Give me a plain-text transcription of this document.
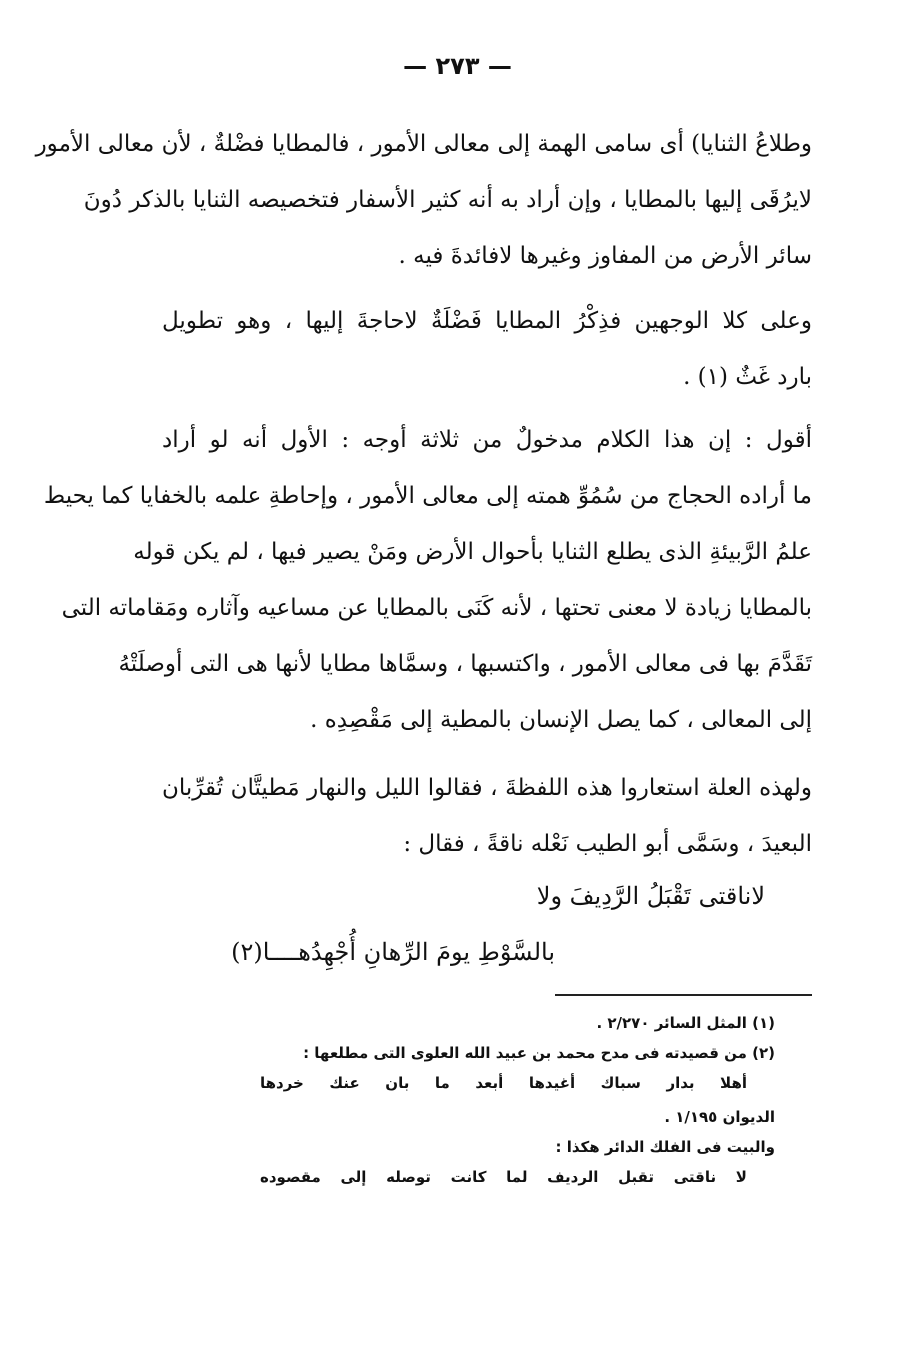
— ٢٧٣ —
وطلاعُ الثنايا) أى سامى الهمة إلى معالى الأمور ، فالمطايا فضْلةٌ ، لأن معالى الأمور
لايرُقَى إليها بالمطايا ، وإن أراد به أنه كثير الأسفار فتخصيصه الثنايا بالذكر دُونَ
سائر الأرض من المفاوز وغيرها لافائدةَ فيه .
وعلى كلا الوجهين فذِكْرُ المطايا فَضْلَةٌ لاحاجةَ إليها ، وهو تطويل
بارد غَثٌ (١) .
أقول : إن هذا الكلام مدخولٌ من ثلاثة أوجه : الأول أنه لو أراد
ما أراده الحجاج من سُمُوِّ همته إلى معالى الأمور ، وإحاطةِ علمه بالخفايا كما يحيط
علمُ الرَّبيئةِ الذى يطلع الثنايا بأحوال الأرض ومَنْ يصير فيها ، لم يكن قوله
بالمطايا زيادة لا معنى تحتها ، لأنه كَنَى بالمطايا عن مساعيه وآثاره ومَقاماته التى
تَقَدَّمَ بها فى معالى الأمور ، واكتسبها ، وسمَّاها مطايا لأنها هى التى أوصلَتْهُ
إلى المعالى ، كما يصل الإنسان بالمطية إلى مَقْصِدِه .
ولهذه العلة استعاروا هذه اللفظةَ ، فقالوا الليل والنهار مَطيتَّان تُقرِّبان
البعيدَ ، وسَمَّى أبو الطيب نَعْله ناقةً ، فقال :
لاناقتى تَقْبَلُ الرَّدِيفَ ولا
بالسَّوْطِ يومَ الرِّهانِ أُجْهِدُهــــا(٢)
(١) المثل السائر ٢/٢٧٠ .
(٢) من قصيدته فى مدح محمد بن عبيد الله العلوى التى مطلعها :
أهلا بدار سباك أغيدها أبعد ما بان عنك خردها
الديوان ١/١٩٥ .
والبيت فى الفلك الدائر هكذا :
لا ناقتى تقبل الرديف لما كانت توصله إلى مقصوده
